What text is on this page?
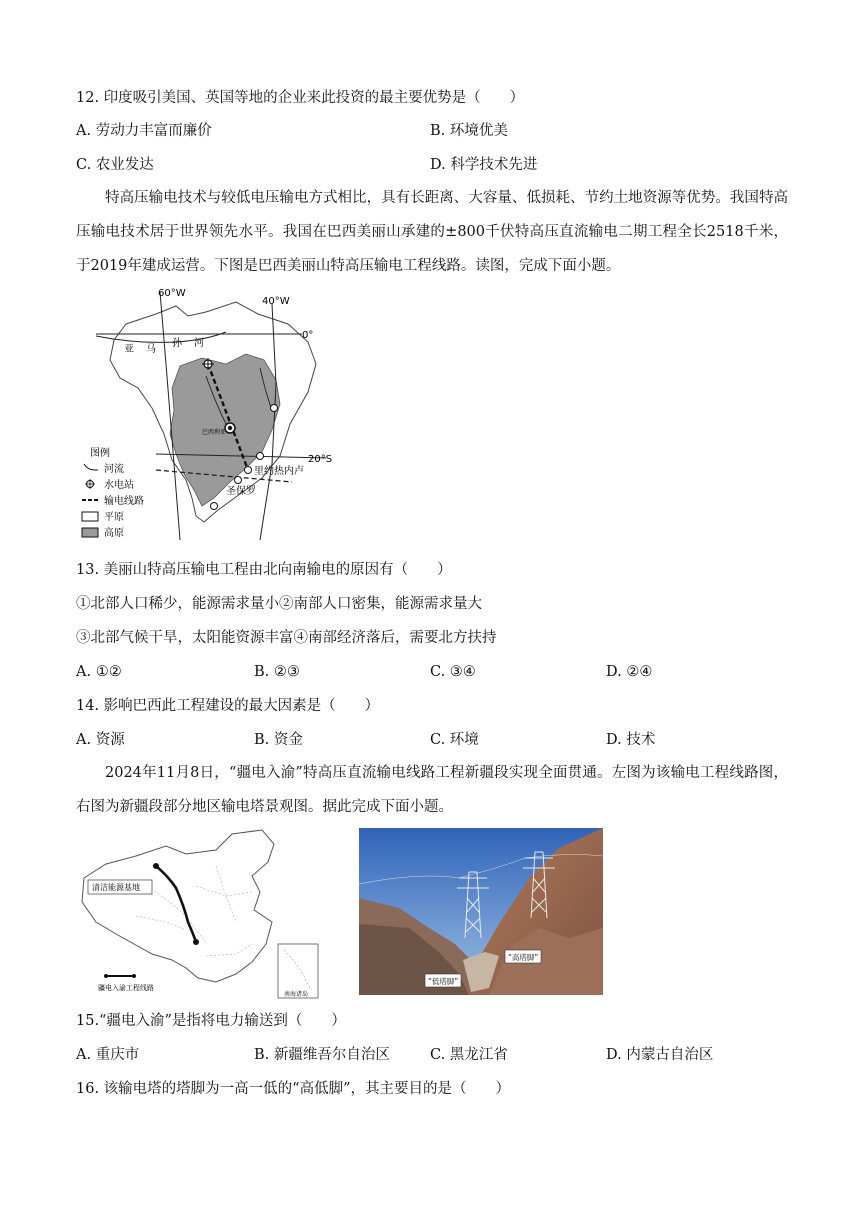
12. 印度吸引美国、英国等地的企业来此投资的最主要优势是（　　）
A. 劳动力丰富而廉价	B. 环境优美
C. 农业发达	D. 科学技术先进
特高压输电技术与较低电压输电方式相比，具有长距离、大容量、低损耗、节约土地资源等优势。我国特高压输电技术居于世界领先水平。我国在巴西美丽山承建的±800千伏特高压直流输电二期工程全长2518千米，于2019年建成运营。下图是巴西美丽山特高压输电工程线路。读图，完成下面小题。
60°W
40°W
0°
20°S
亚 马
孙 河
巴西利亚
里约热内卢
圣保罗
图例
河流
水电站
输电线路
平原
高原
13. 美丽山特高压输电工程由北向南输电的原因有（　　）
①北部人口稀少，能源需求量小②南部人口密集，能源需求量大
③北部气候干旱，太阳能资源丰富④南部经济落后，需要北方扶持
A. ①②	B. ②③	C. ③④	D. ②④
14. 影响巴西此工程建设的最大因素是（　　）
A. 资源	B. 资金	C. 环境	D. 技术
2024年11月8日，“疆电入渝”特高压直流输电线路工程新疆段实现全面贯通。左图为该输电工程线路图，右图为新疆段部分地区输电塔景观图。据此完成下面小题。
清洁能源基地
疆电入渝工程线路
南海诸岛
“高塔脚”
“低塔脚”
15.“疆电入渝”是指将电力输送到（　　）
A. 重庆市	B. 新疆维吾尔自治区	C. 黑龙江省	D. 内蒙古自治区
16. 该输电塔的塔脚为一高一低的“高低脚”，其主要目的是（　　）
